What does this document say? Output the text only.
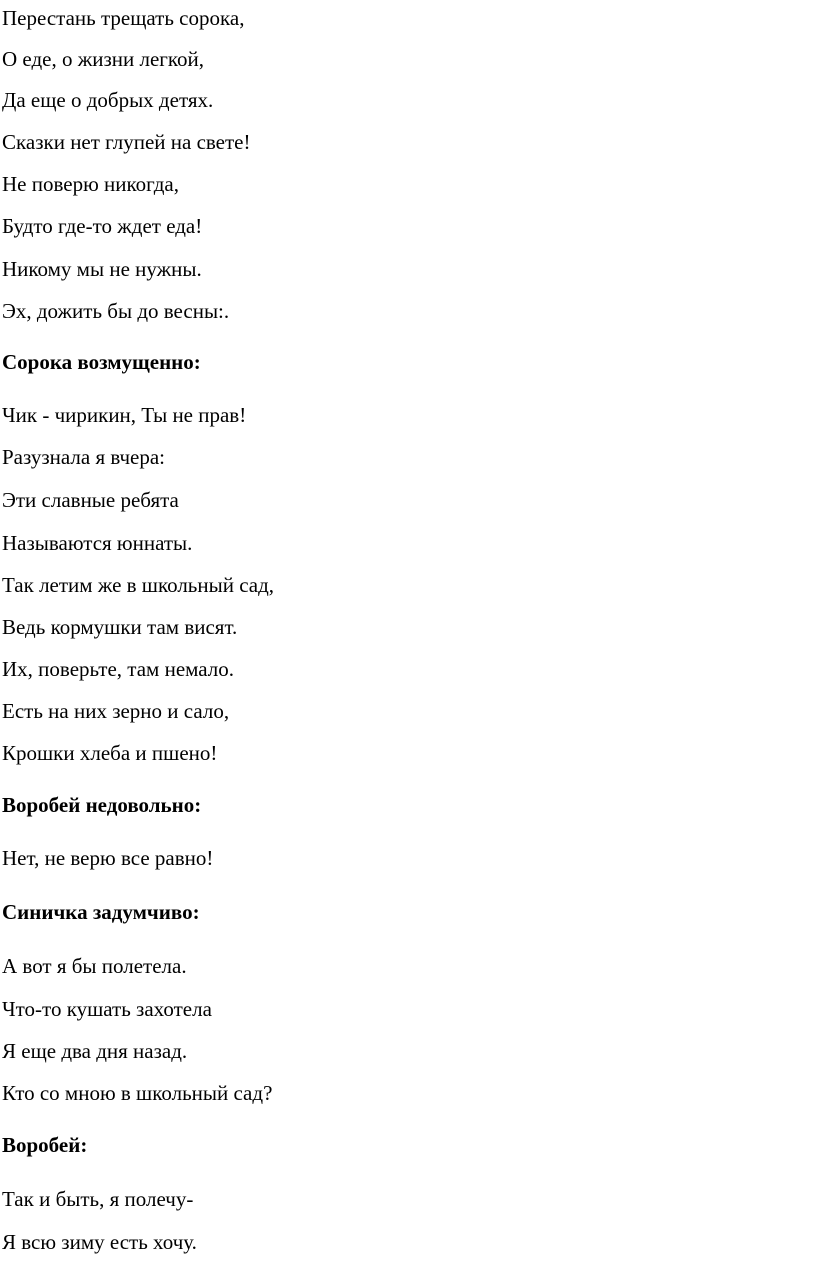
Перестань трещать сорока,
О еде, о жизни легкой,
Да еще о добрых детях.
Сказки нет глупей на свете!
Не поверю никогда,
Будто где-то ждет еда!
Никому мы не нужны.
Эх, дожить бы до весны:.
Сорока возмущенно:
Чик - чирикин, Ты не прав!
Разузнала я вчера:
Эти славные ребята
Называются юннаты.
Так летим же в школьный сад,
Ведь кормушки там висят.
Их, поверьте, там немало.
Есть на них зерно и сало,
Крошки хлеба и пшено!
Воробей недовольно:
Нет, не верю все равно!
Синичка задумчиво:
А вот я бы полетела.
Что-то кушать захотела
Я еще два дня назад.
Кто со мною в школьный сад?
Воробей:
Так и быть, я полечу-
Я всю зиму есть хочу.
